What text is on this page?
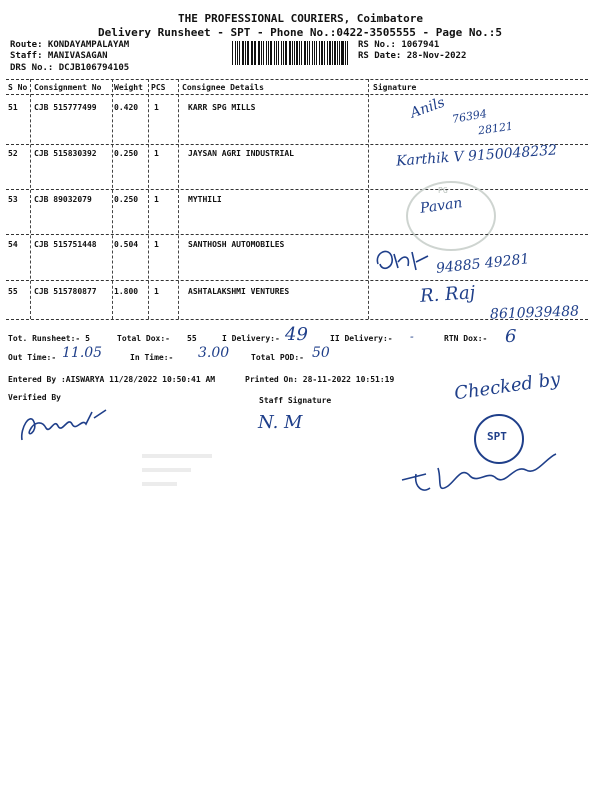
THE PROFESSIONAL COURIERS, Coimbatore
Delivery Runsheet - SPT - Phone No.:0422-3505555 - Page No.:5
Route: KONDAYAMPALAYAM
Staff: MANIVASAGAN
DRS No.: DCJB106794105
RS No.: 1067941
RS Date: 28-Nov-2022
S No Consignment No Weight PCS Consignee Details	Signature
51 CJB 515777499 0.420 1	KARR SPG MILLS	Anils 76394
28121
52 CJB 515830392 0.250 1	JAYSAN AGRI INDUSTRIAL	Karthik V 9150048232
53 CJB 89032079	0.250 1	MYTHILI
PG
Pavan
54 CJB 515751448 0.504 1	SANTHOSH AUTOMOBILES
94885 49281
55 CJB 515780877 1.800 1	ASHTALAKSHMI VENTURES	R. Raj
8610939488
Tot. Runsheet:- 5	Total Dox:- 55	I Delivery:- 49	II Delivery:- -	RTN Dox:- 6
Out Time:- 11.05	In Time:- 3.00	Total POD:- 50
Entered By :AISWARYA 11/28/2022 10:50:41 AM	Printed On: 28-11-2022 10:51:19
Verified By	Staff Signature
N. M
Checked by
SPT
